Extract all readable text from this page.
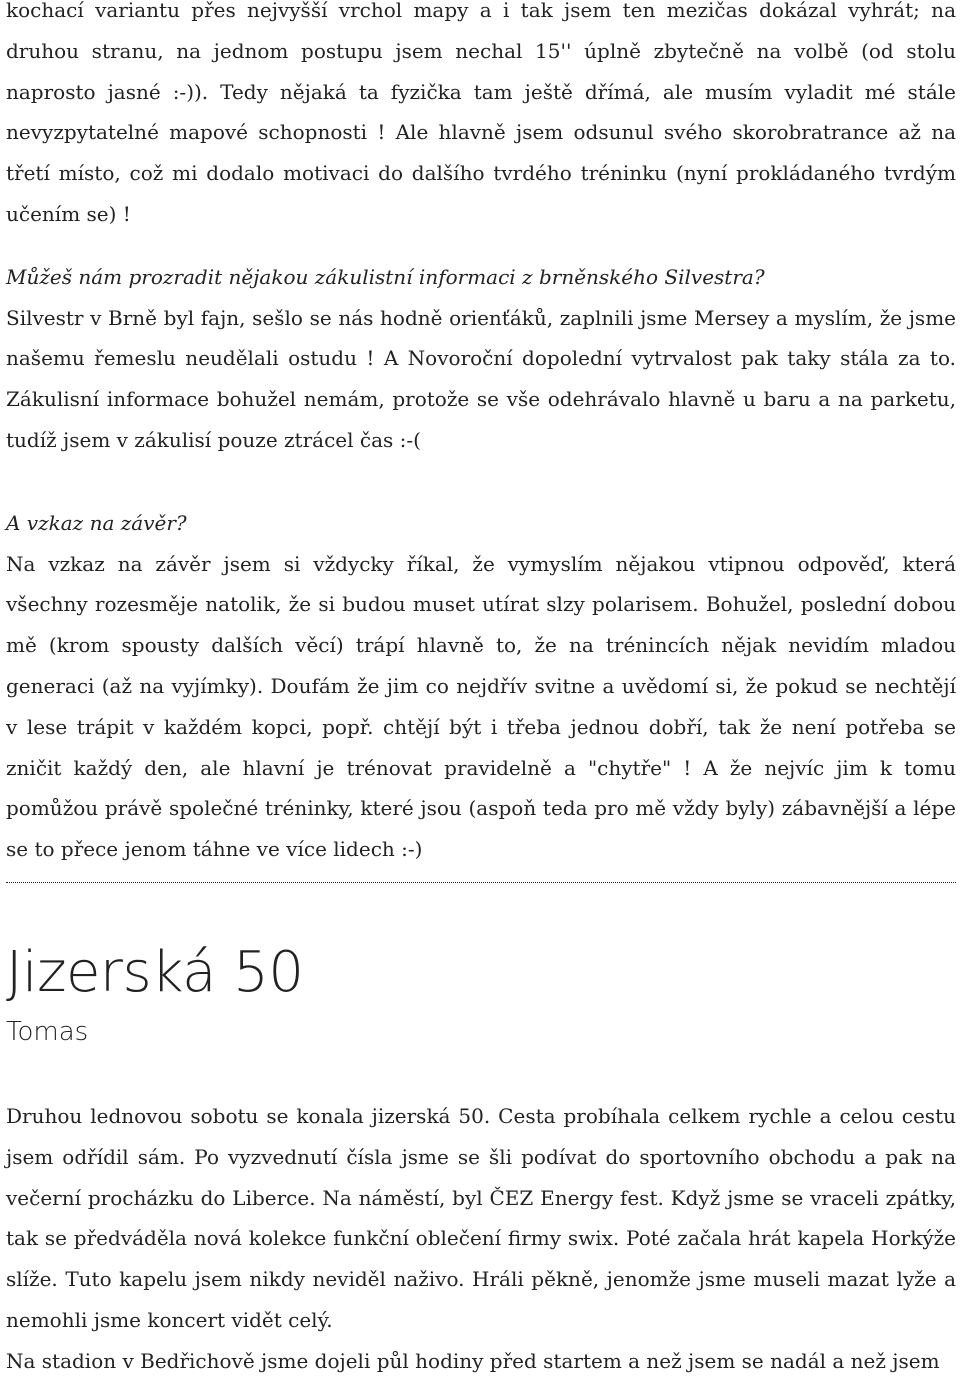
kochací variantu přes nejvyšší vrchol mapy a i tak jsem ten mezičas dokázal vyhrát; na druhou stranu, na jednom postupu jsem nechal 15'' úplně zbytečně na volbě (od stolu naprosto jasné :-)). Tedy nějaká ta fyzička tam ještě dřímá, ale musím vyladit mé stále nevyzpytatelné mapové schopnosti ! Ale hlavně jsem odsunul svého skorobratrance až na třetí místo, což mi dodalo motivaci do dalšího tvrdého tréninku (nyní prokládaného tvrdým učením se) !

Můžeš nám prozradit nějakou zákulistní informaci z brněnského Silvestra?

Silvestr v Brně byl fajn, sešlo se nás hodně orienťáků, zaplnili jsme Mersey a myslím, že jsme našemu řemeslu neudělali ostudu ! A Novoroční dopolední vytrvalost pak taky stála za to. Zákulisní informace bohužel nemám, protože se vše odehrávalo hlavně u baru a na parketu, tudíž jsem v zákulisí pouze ztrácel čas :-(

A vzkaz na závěr?

Na vzkaz na závěr jsem si vždycky říkal, že vymyslím nějakou vtipnou odpověď, která všechny rozesměje natolik, že si budou muset utírat slzy polarisem. Bohužel, poslední dobou mě (krom spousty dalších věcí) trápí hlavně to, že na trénincích nějak nevidím mladou generaci (až na vyjímky). Doufám že jim co nejdřív svitne a uvědomí si, že pokud se nechtějí v lese trápit v každém kopci, popř. chtějí být i třeba jednou dobří, tak že není potřeba se zničit každý den, ale hlavní je trénovat pravidelně a "chytře" ! A že nejvíc jim k tomu pomůžou právě společné tréninky, které jsou (aspoň teda pro mě vždy byly) zábavnější a lépe se to přece jenom táhne ve více lidech :-)

Jizerská 50
Tomas

Druhou lednovou sobotu se konala jizerská 50. Cesta probíhala celkem rychle a celou cestu jsem odřídil sám. Po vyzvednutí čísla jsme se šli podívat do sportovního obchodu a pak na večerní procházku do Liberce. Na náměstí, byl ČEZ Energy fest. Když jsme se vraceli zpátky, tak se předváděla nová kolekce funkční oblečení firmy swix. Poté začala hrát kapela Horkýže slíže. Tuto kapelu jsem nikdy neviděl naživo. Hráli pěkně, jenomže jsme museli mazat lyže a nemohli jsme koncert vidět celý.

Na stadion v Bedřichově jsme dojeli půl hodiny před startem a než jsem se nadál a než jsem
